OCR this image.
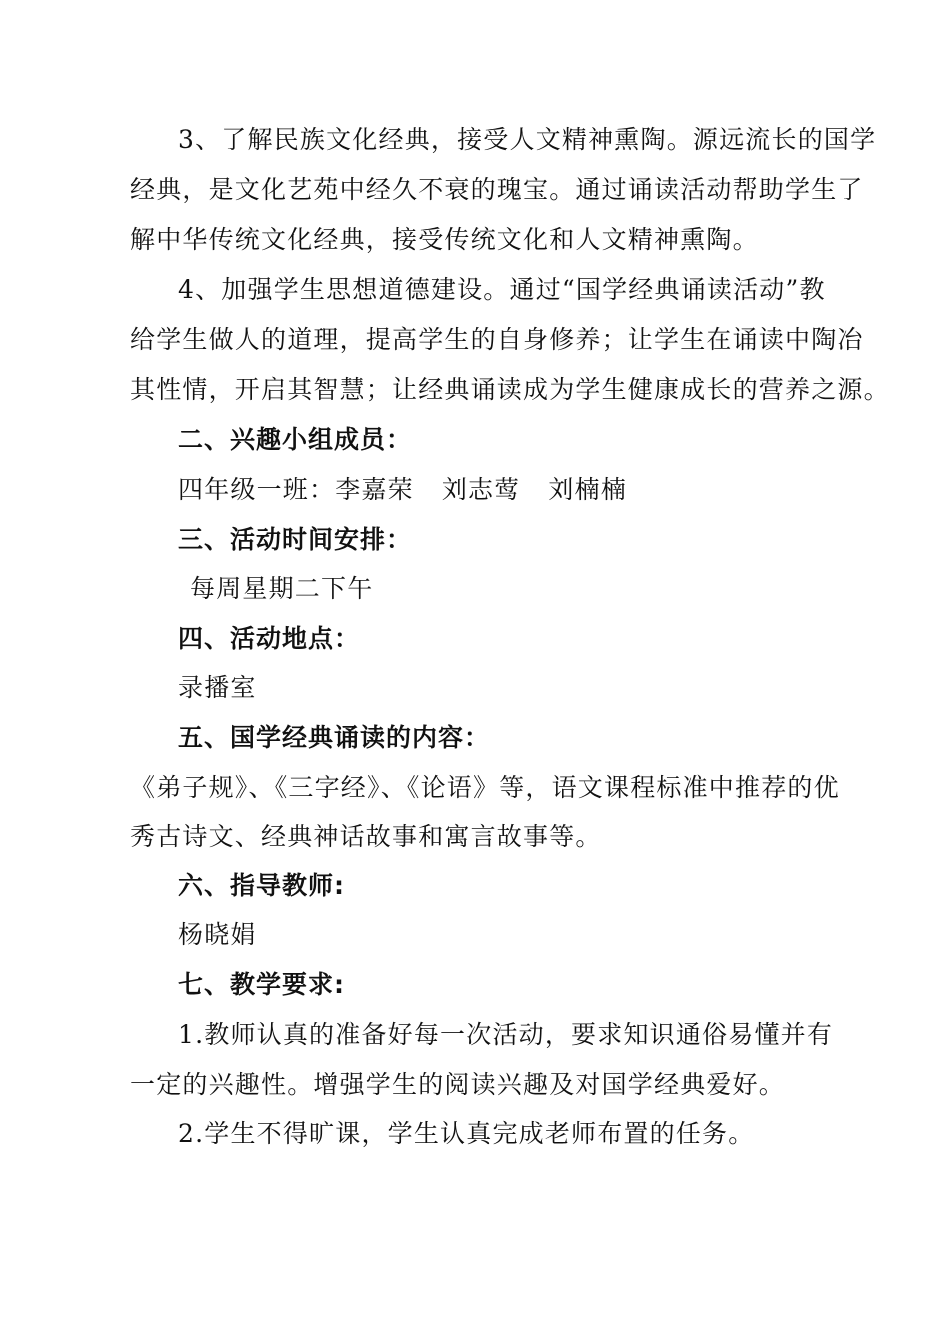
3、了解民族文化经典，接受人文精神熏陶。源远流长的国学
经典，是文化艺苑中经久不衰的瑰宝。通过诵读活动帮助学生了
解中华传统文化经典，接受传统文化和人文精神熏陶。
4、加强学生思想道德建设。通过“国学经典诵读活动”教
给学生做人的道理，提高学生的自身修养；让学生在诵读中陶冶
其性情，开启其智慧；让经典诵读成为学生健康成长的营养之源。
二、兴趣小组成员：
四年级一班：李嘉荣 刘志莺 刘楠楠
三、活动时间安排：
每周星期二下午
四、活动地点：
录播室
五、国学经典诵读的内容：
《弟子规》、《三字经》、《论语》等，语文课程标准中推荐的优
秀古诗文、经典神话故事和寓言故事等。
六、指导教师:
杨晓娟
七、教学要求:
1.教师认真的准备好每一次活动，要求知识通俗易懂并有
一定的兴趣性。增强学生的阅读兴趣及对国学经典爱好。
2.学生不得旷课，学生认真完成老师布置的任务。
